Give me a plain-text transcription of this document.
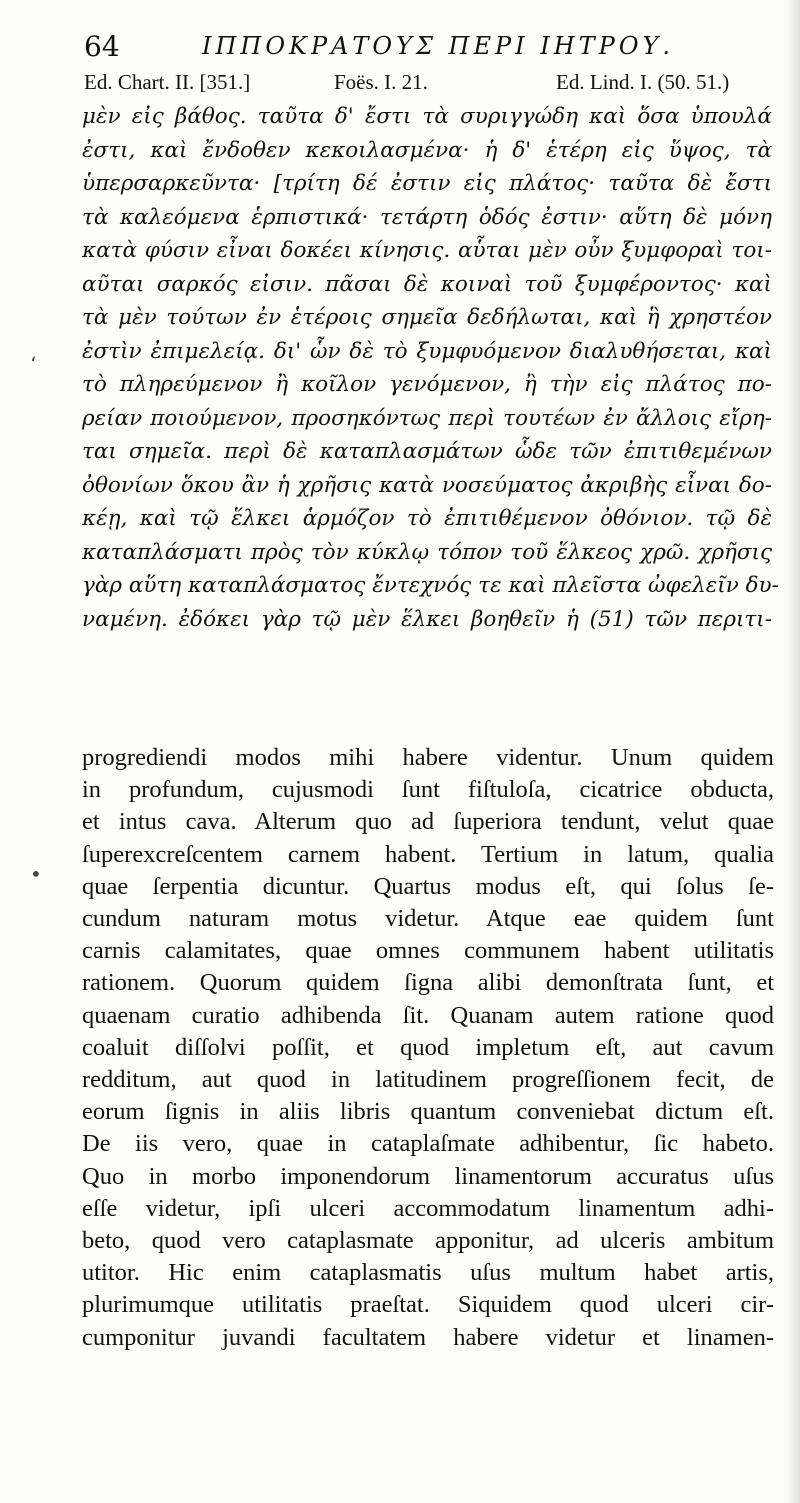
64	ΙΠΠΟΚΡΑΤΟΥΣ ΠΕΡΙ ΙΗΤΡΟΥ.
Ed. Chart. II. [351.]	Foës. I. 21.	Ed. Lind. I. (50. 51.)
ʻ
•
μὲν εἰς βάθος. ταῦτα δ' ἔστι τὰ συριγγώδη καὶ ὅσα ὑπουλά
ἐστι, καὶ ἔνδοθεν κεκοιλασμένα· ἡ δ' ἑτέρη εἰς ὕψος, τὰ
ὑπερσαρκεῦντα· [τρίτη δέ ἐστιν εἰς πλάτος· ταῦτα δὲ ἔστι
τὰ καλεόμενα ἑρπιστικά· τετάρτη ὁδός ἐστιν· αὕτη δὲ μόνη
κατὰ φύσιν εἶναι δοκέει κίνησις. αὗται μὲν οὖν ξυμφοραὶ τοι-
αῦται σαρκός εἰσιν. πᾶσαι δὲ κοιναὶ τοῦ ξυμφέροντος· καὶ
τὰ μὲν τούτων ἐν ἑτέροις σημεῖα δεδήλωται, καὶ ἣ χρηστέον
ἐστὶν ἐπιμελείᾳ. δι' ὧν δὲ τὸ ξυμφυόμενον διαλυθήσεται, καὶ
τὸ πληρεύμενον ἢ κοῖλον γενόμενον, ἢ τὴν εἰς πλάτος πο-
ρείαν ποιούμενον, προσηκόντως περὶ τουτέων ἐν ἄλλοις εἴρη-
ται σημεῖα. περὶ δὲ καταπλασμάτων ὧδε τῶν ἐπιτιθεμένων
ὀθονίων ὅκου ἂν ἡ χρῆσις κατὰ νοσεύματος ἀκριβὴς εἶναι δο-
κέῃ, καὶ τῷ ἕλκει ἁρμόζον τὸ ἐπιτιθέμενον ὀθόνιον. τῷ δὲ
καταπλάσματι πρὸς τὸν κύκλῳ τόπον τοῦ ἕλκεος χρῶ. χρῆσις
γὰρ αὕτη καταπλάσματος ἔντεχνός τε καὶ πλεῖστα ὠφελεῖν δυ-
ναμένη. ἐδόκει γὰρ τῷ μὲν ἕλκει βοηθεῖν ἡ (51) τῶν περιτι-
progrediendi modos mihi habere videntur. Unum quidem
in profundum, cujusmodi ſunt fiſtuloſa, cicatrice obducta,
et intus cava. Alterum quo ad ſuperiora tendunt, velut quae
ſuperexcreſcentem carnem habent. Tertium in latum, qualia
quae ſerpentia dicuntur. Quartus modus eſt, qui ſolus ſe-
cundum naturam motus videtur. Atque eae quidem ſunt
carnis calamitates, quae omnes communem habent utilitatis
rationem. Quorum quidem ſigna alibi demonſtrata ſunt, et
quaenam curatio adhibenda ſit. Quanam autem ratione quod
coaluit diſſolvi poſſit, et quod impletum eſt, aut cavum
redditum, aut quod in latitudinem progreſſionem fecit, de
eorum ſignis in aliis libris quantum conveniebat dictum eſt.
De iis vero, quae in cataplaſmate adhibentur, ſic habeto.
Quo in morbo imponendorum linamentorum accuratus uſus
eſſe videtur, ipſi ulceri accommodatum linamentum adhi-
beto, quod vero cataplasmate apponitur, ad ulceris ambitum
utitor. Hic enim cataplasmatis uſus multum habet artis,
plurimumque utilitatis praeſtat. Siquidem quod ulceri cir-
cumponitur juvandi facultatem habere videtur et linamen-
